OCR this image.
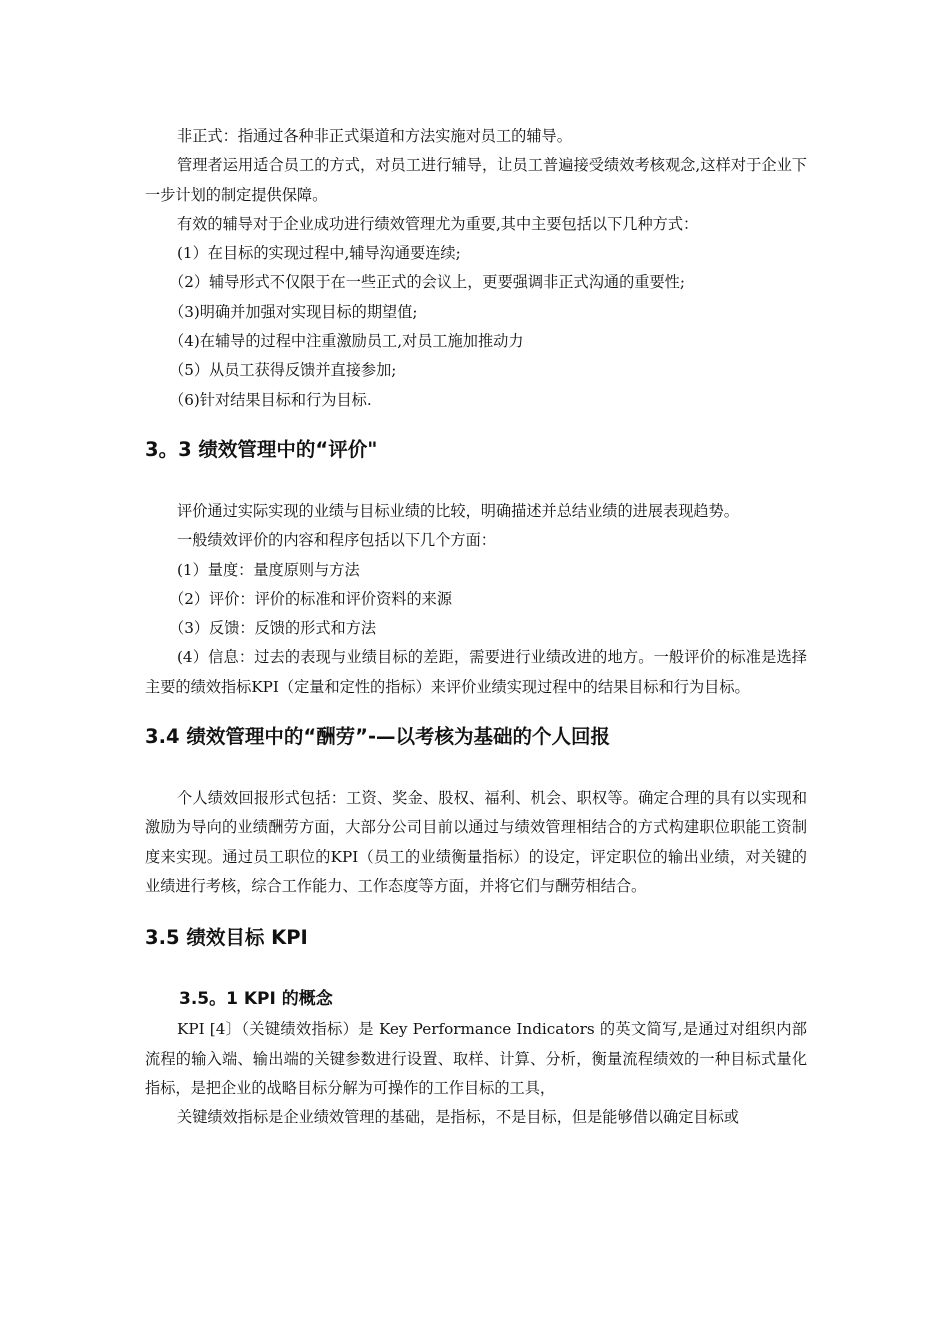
非正式：指通过各种非正式渠道和方法实施对员工的辅导。

管理者运用适合员工的方式，对员工进行辅导，让员工普遍接受绩效考核观念,这样对于企业下一步计划的制定提供保障。

有效的辅导对于企业成功进行绩效管理尤为重要,其中主要包括以下几种方式：

(1）在目标的实现过程中,辅导沟通要连续;

（2）辅导形式不仅限于在一些正式的会议上，更要强调非正式沟通的重要性;

（3)明确并加强对实现目标的期望值;

（4)在辅导的过程中注重激励员工,对员工施加推动力

（5）从员工获得反馈并直接参加;

（6)针对结果目标和行为目标.

3。3 绩效管理中的“评价"

评价通过实际实现的业绩与目标业绩的比较，明确描述并总结业绩的进展表现趋势。

一般绩效评价的内容和程序包括以下几个方面：

(1）量度：量度原则与方法

（2）评价：评价的标准和评价资料的来源

（3）反馈：反馈的形式和方法

(4）信息：过去的表现与业绩目标的差距，需要进行业绩改进的地方。一般评价的标准是选择主要的绩效指标KPI（定量和定性的指标）来评价业绩实现过程中的结果目标和行为目标。

3.4 绩效管理中的“酬劳”-—以考核为基础的个人回报

个人绩效回报形式包括：工资、奖金、股权、福利、机会、职权等。确定合理的具有以实现和激励为导向的业绩酬劳方面，大部分公司目前以通过与绩效管理相结合的方式构建职位职能工资制度来实现。通过员工职位的KPI（员工的业绩衡量指标）的设定，评定职位的输出业绩，对关键的业绩进行考核，综合工作能力、工作态度等方面，并将它们与酬劳相结合。

3.5 绩效目标 KPI
3.5。1 KPI 的概念

KPI [4〕（关键绩效指标）是 Key Performance Indicators 的英文简写,是通过对组织内部流程的输入端、输出端的关键参数进行设置、取样、计算、分析，衡量流程绩效的一种目标式量化指标，是把企业的战略目标分解为可操作的工作目标的工具，

关键绩效指标是企业绩效管理的基础，是指标，不是目标，但是能够借以确定目标或
